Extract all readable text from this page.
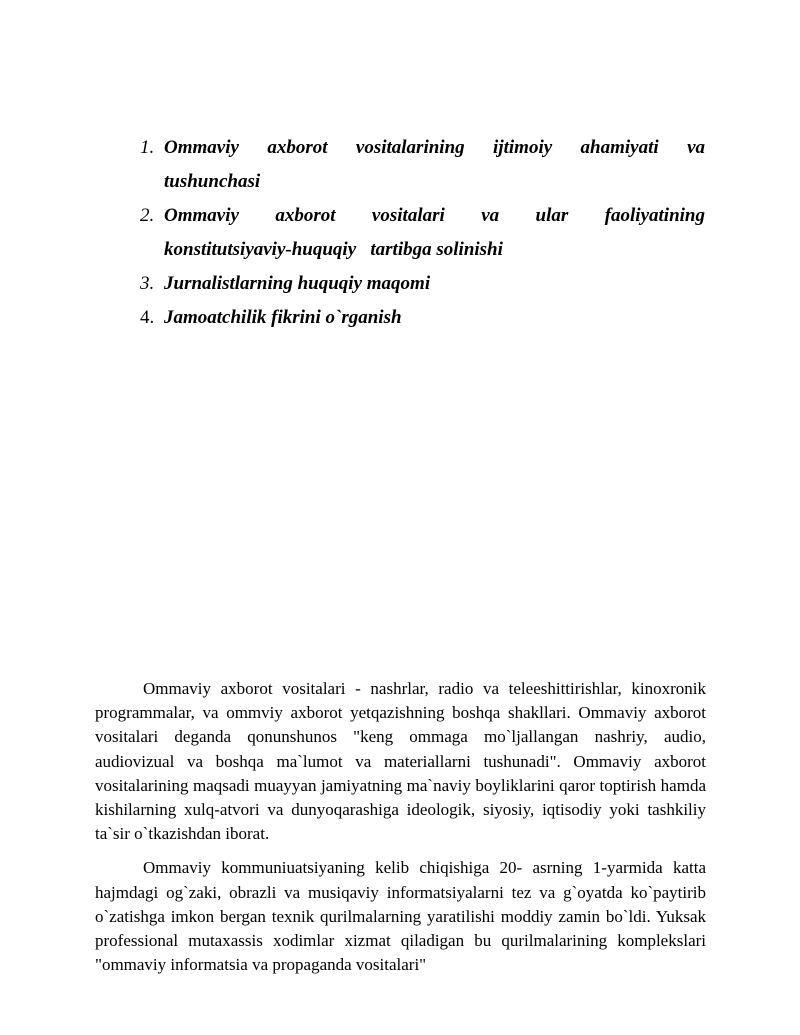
1. Ommaviy axborot vositalarining ijtimoiy ahamiyati va
tushunchasi
2. Ommaviy axborot vositalari va ular faoliyatining
konstitutsiyaviy-huquqiy   tartibga solinishi
3. Jurnalistlarning huquqiy maqomi
4. Jamoatchilik fikrini o`rganish

Ommaviy axborot vositalari - nashrlar, radio va teleeshittirishlar, kinoxronik programmalar, va ommviy axborot yetqazishning boshqa shakllari. Ommaviy axborot vositalari deganda qonunshunos "keng ommaga mo`ljallangan nashriy, audio, audiovizual va boshqa ma`lumot va materiallarni tushunadi". Ommaviy axborot vositalarining maqsadi muayyan jamiyatning ma`naviy boyliklarini qaror toptirish hamda kishilarning xulq-atvori va dunyoqarashiga ideologik, siyosiy, iqtisodiy yoki tashkiliy ta`sir o`tkazishdan iborat.

Ommaviy kommuniuatsiyaning kelib chiqishiga 20- asrning 1-yarmida katta hajmdagi og`zaki, obrazli va musiqaviy informatsiyalarni tez va g`oyatda ko`paytirib o`zatishga imkon bergan texnik qurilmalarning yaratilishi moddiy zamin bo`ldi. Yuksak professional mutaxassis xodimlar xizmat qiladigan bu qurilmalarining komplekslari "ommaviy informatsia va propaganda vositalari"
